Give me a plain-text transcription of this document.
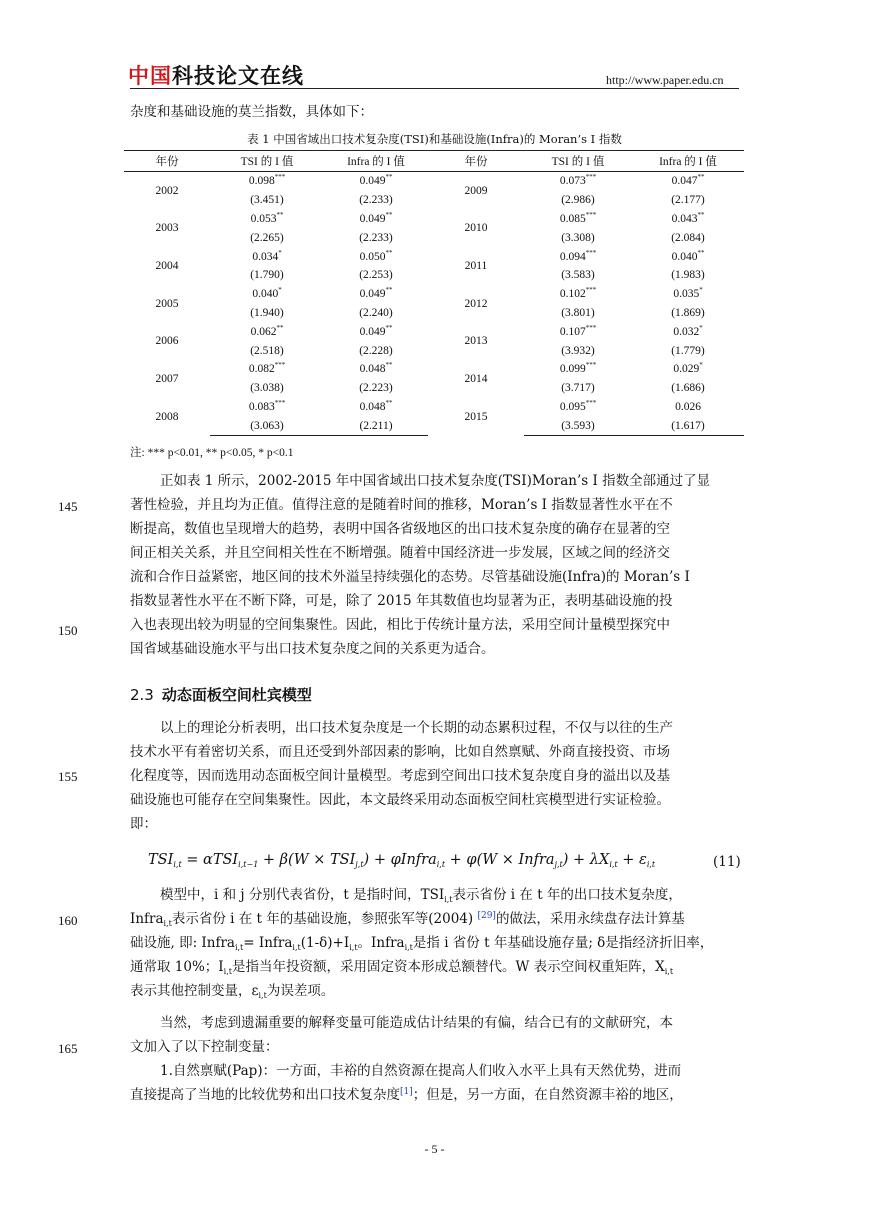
中国科技论文在线	http://www.paper.edu.cn
杂度和基础设施的莫兰指数，具体如下：
表 1 中国省域出口技术复杂度(TSI)和基础设施(Infra)的 Moran’s I 指数
年份	TSI 的 I 值	Infra 的 I 值	年份	TSI 的 I 值	Infra 的 I 值
2002	0.098***	0.049**	2009	0.073***	0.047**
	(3.451)	(2.233)		(2.986)	(2.177)
2003	0.053**	0.049**	2010	0.085***	0.043**
	(2.265)	(2.233)		(3.308)	(2.084)
2004	0.034*	0.050**	2011	0.094***	0.040**
	(1.790)	(2.253)		(3.583)	(1.983)
2005	0.040*	0.049**	2012	0.102***	0.035*
	(1.940)	(2.240)		(3.801)	(1.869)
2006	0.062**	0.049**	2013	0.107***	0.032*
	(2.518)	(2.228)		(3.932)	(1.779)
2007	0.082***	0.048**	2014	0.099***	0.029*
	(3.038)	(2.223)		(3.717)	(1.686)
2008	0.083***	0.048**	2015	0.095***	0.026
	(3.063)	(2.211)		(3.593)	(1.617)
注: *** p<0.01, ** p<0.05, * p<0.1
正如表 1 所示，2002-2015 年中国省域出口技术复杂度(TSI)Moran’s I 指数全部通过了显
著性检验，并且均为正值。值得注意的是随着时间的推移，Moran’s I 指数显著性水平在不
断提高，数值也呈现增大的趋势，表明中国各省级地区的出口技术复杂度的确存在显著的空
间正相关关系，并且空间相关性在不断增强。随着中国经济进一步发展，区域之间的经济交
流和合作日益紧密，地区间的技术外溢呈持续强化的态势。尽管基础设施(Infra)的 Moran’s I
指数显著性水平在不断下降，可是，除了 2015 年其数值也均显著为正，表明基础设施的投
入也表现出较为明显的空间集聚性。因此，相比于传统计量方法，采用空间计量模型探究中
国省域基础设施水平与出口技术复杂度之间的关系更为适合。
2.3 动态面板空间杜宾模型
以上的理论分析表明，出口技术复杂度是一个长期的动态累积过程，不仅与以往的生产
技术水平有着密切关系，而且还受到外部因素的影响，比如自然禀赋、外商直接投资、市场
化程度等，因而选用动态面板空间计量模型。考虑到空间出口技术复杂度自身的溢出以及基
础设施也可能存在空间集聚性。因此，本文最终采用动态面板空间杜宾模型进行实证检验。
即：
$TSI_{i,t} = \alpha TSI_{i,t-1} + \beta(W \times TSI_{j,t})$ + φInfra$_{i,t}$ + φ(W × Infra$_{j,t}$) + $\lambda X_{i,t} + \varepsilon_{i,t}$	(11)
模型中，i 和 j 分别代表省份，t 是指时间，$TSI_{i,t}$表示省份 i 在 t 年的出口技术复杂度，
Infra$_{i,t}$表示省份 i 在 t 年的基础设施，参照张军等(2004) [29]的做法，采用永续盘存法计算基
础设施, 即: Infra$_{i,t}$= $Infra_{i,t}(1-\delta)+I_{i,t}$。Infra$_{i,t}$是指 i 省份 t 年基础设施存量; δ是指经济折旧率，
通常取 10%；$I_{i,t}$是指当年投资额，采用固定资本形成总额替代。W 表示空间权重矩阵，$X_{i,t}$
表示其他控制变量，$\varepsilon_{i,t}$为误差项。
当然，考虑到遗漏重要的解释变量可能造成估计结果的有偏，结合已有的文献研究，本
文加入了以下控制变量：
1.自然禀赋(Pap)：一方面，丰裕的自然资源在提高人们收入水平上具有天然优势，进而
直接提高了当地的比较优势和出口技术复杂度[1]；但是，另一方面，在自然资源丰裕的地区，
145
150
155
160
165
- 5 -
